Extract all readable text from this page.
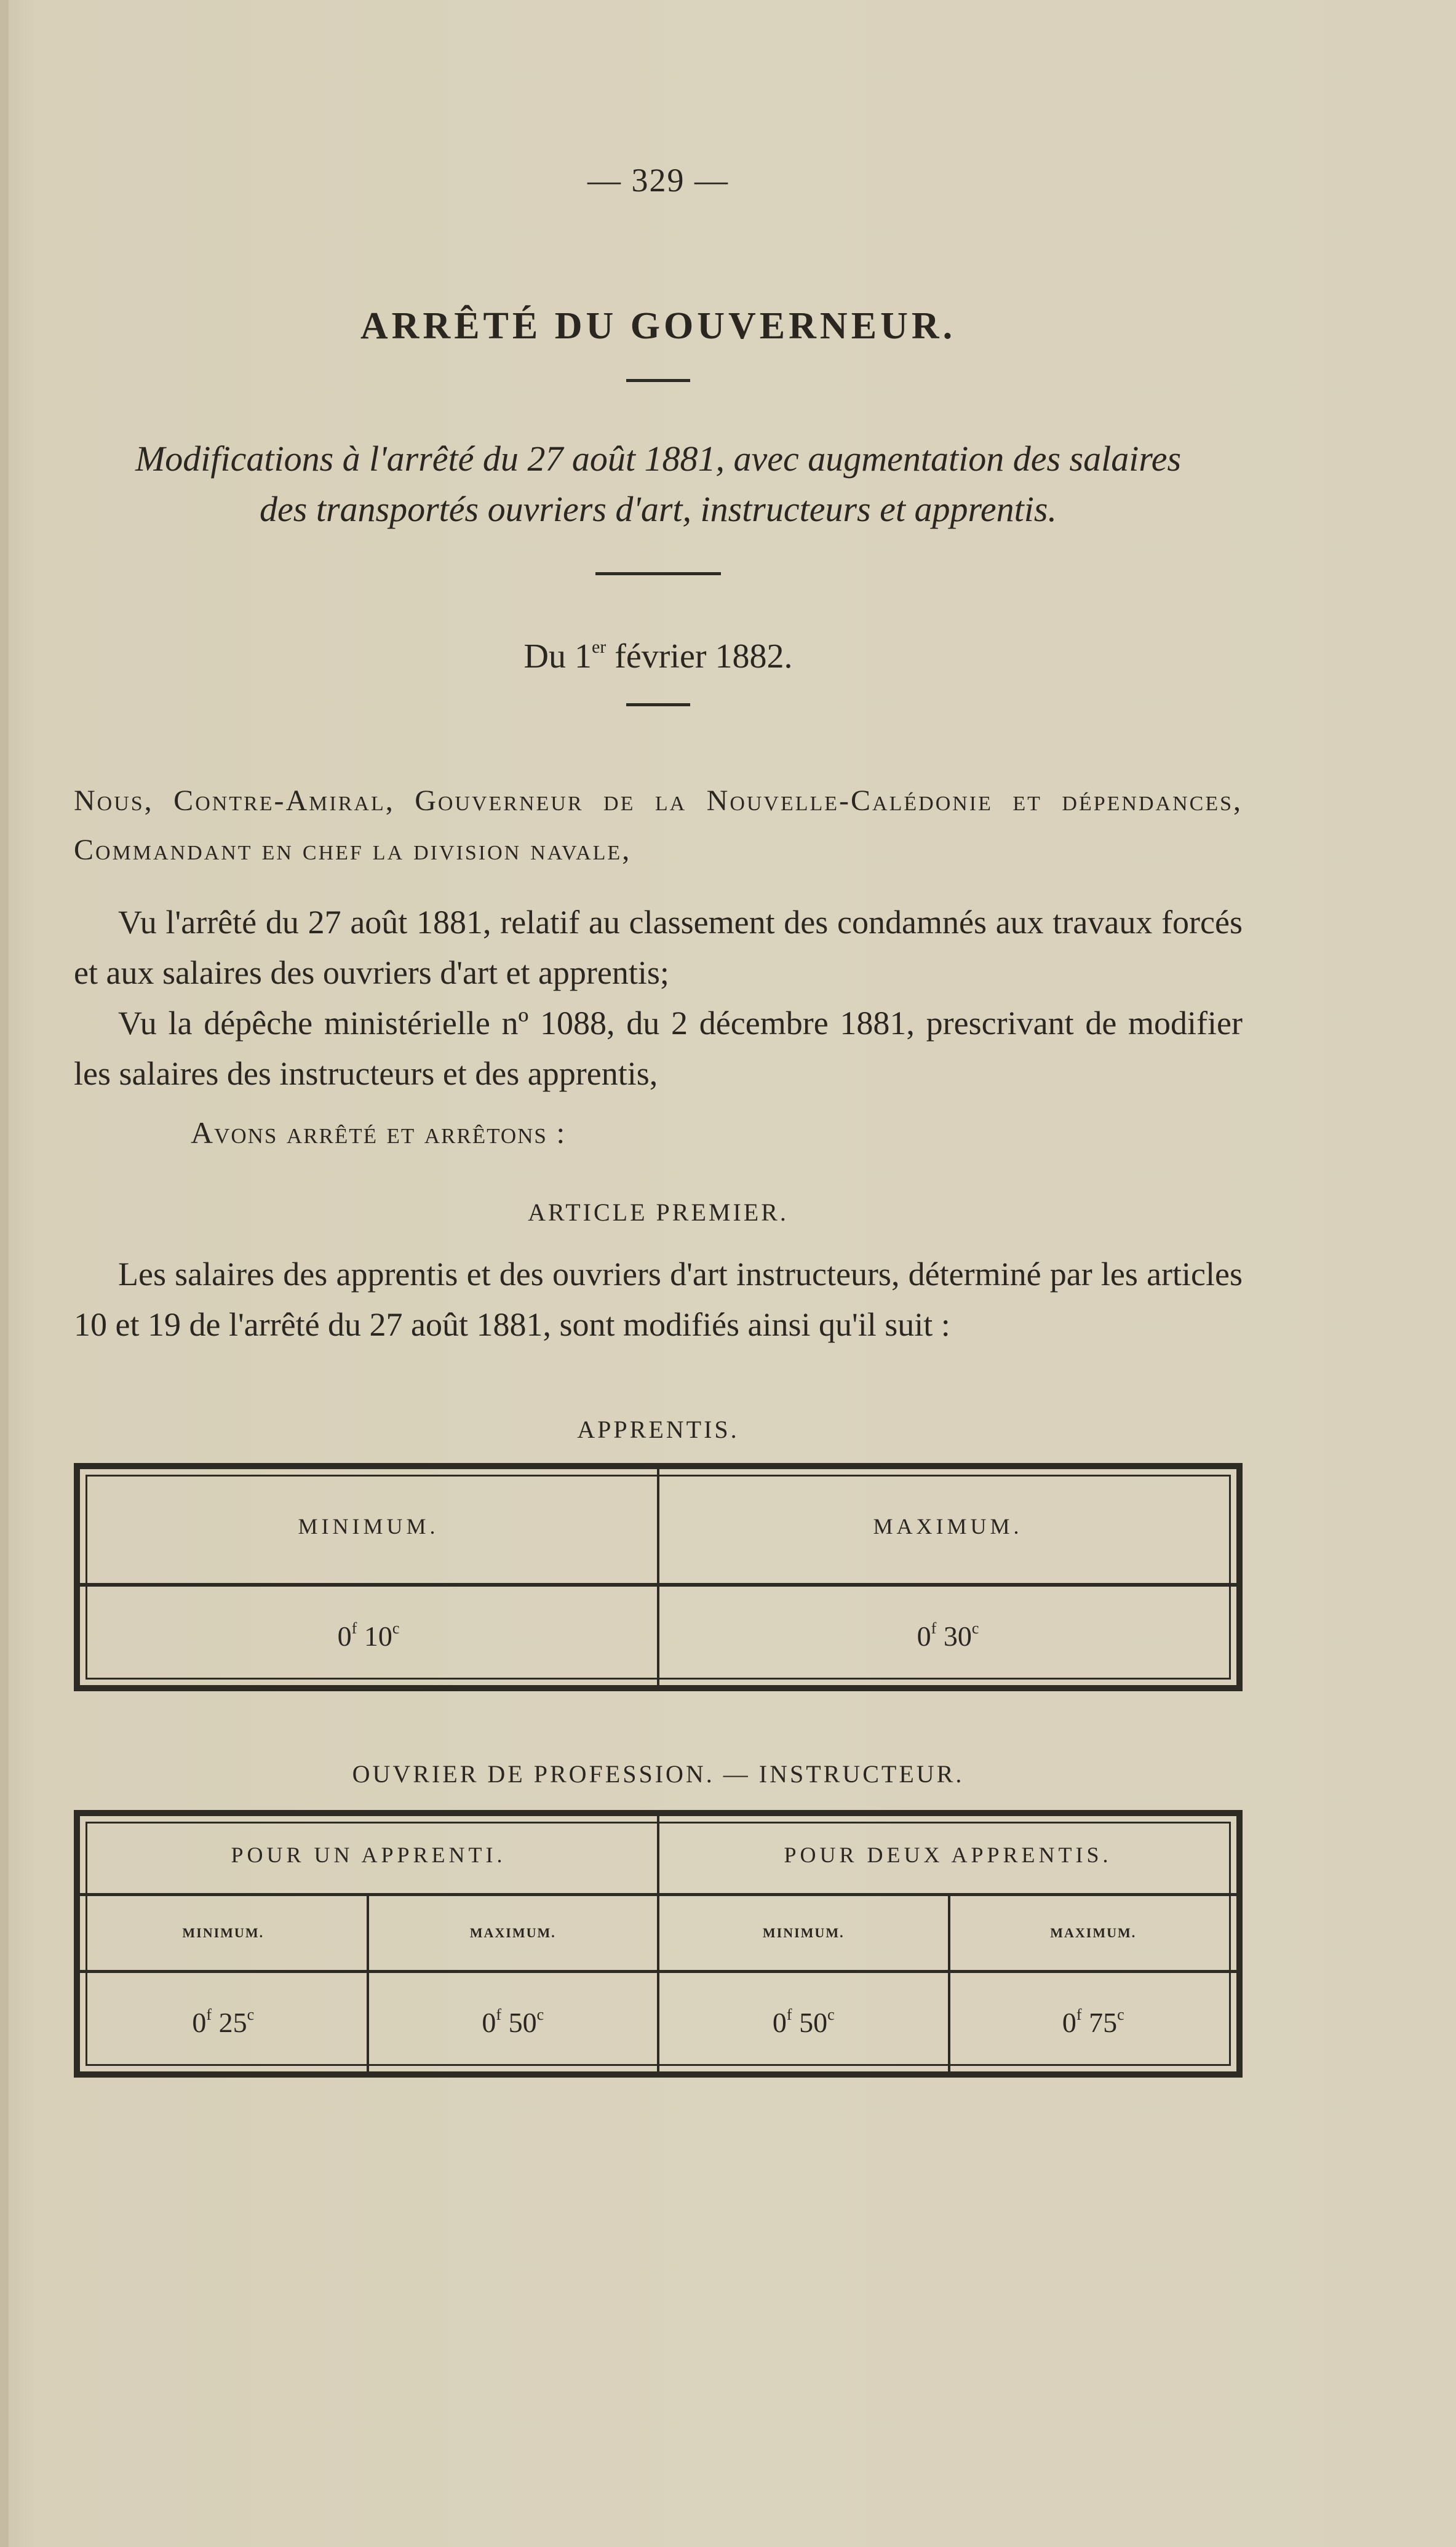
— 329 —
ARRÊTÉ DU GOUVERNEUR.
Modifications à l'arrêté du 27 août 1881, avec augmentation des salaires
des transportés ouvriers d'art, instructeurs et apprentis.
Du 1er février 1882.
Nous, Contre-Amiral, Gouverneur de la Nouvelle-Calédonie et dépendances, Commandant en chef la division navale,
Vu l'arrêté du 27 août 1881, relatif au classement des condamnés aux travaux forcés et aux salaires des ouvriers d'art et apprentis;
Vu la dépêche ministérielle nº 1088, du 2 décembre 1881, prescrivant de modifier les salaires des instructeurs et des apprentis,
Avons arrêté et arrêtons :
ARTICLE PREMIER.
Les salaires des apprentis et des ouvriers d'art instructeurs, déterminé par les articles 10 et 19 de l'arrêté du 27 août 1881, sont modifiés ainsi qu'il suit :
APPRENTIS.
MINIMUM.	MAXIMUM.
0$^f$ 10$^c$	0$^f$ 30$^c$
OUVRIER DE PROFESSION. — INSTRUCTEUR.
POUR UN APPRENTI.		POUR DEUX APPRENTIS.	
MINIMUM.	MAXIMUM.	MINIMUM.	MAXIMUM.
0$^f$ 25$^c$	0$^f$ 50$^c$	0$^f$ 50$^c$	0$^f$ 75$^c$
